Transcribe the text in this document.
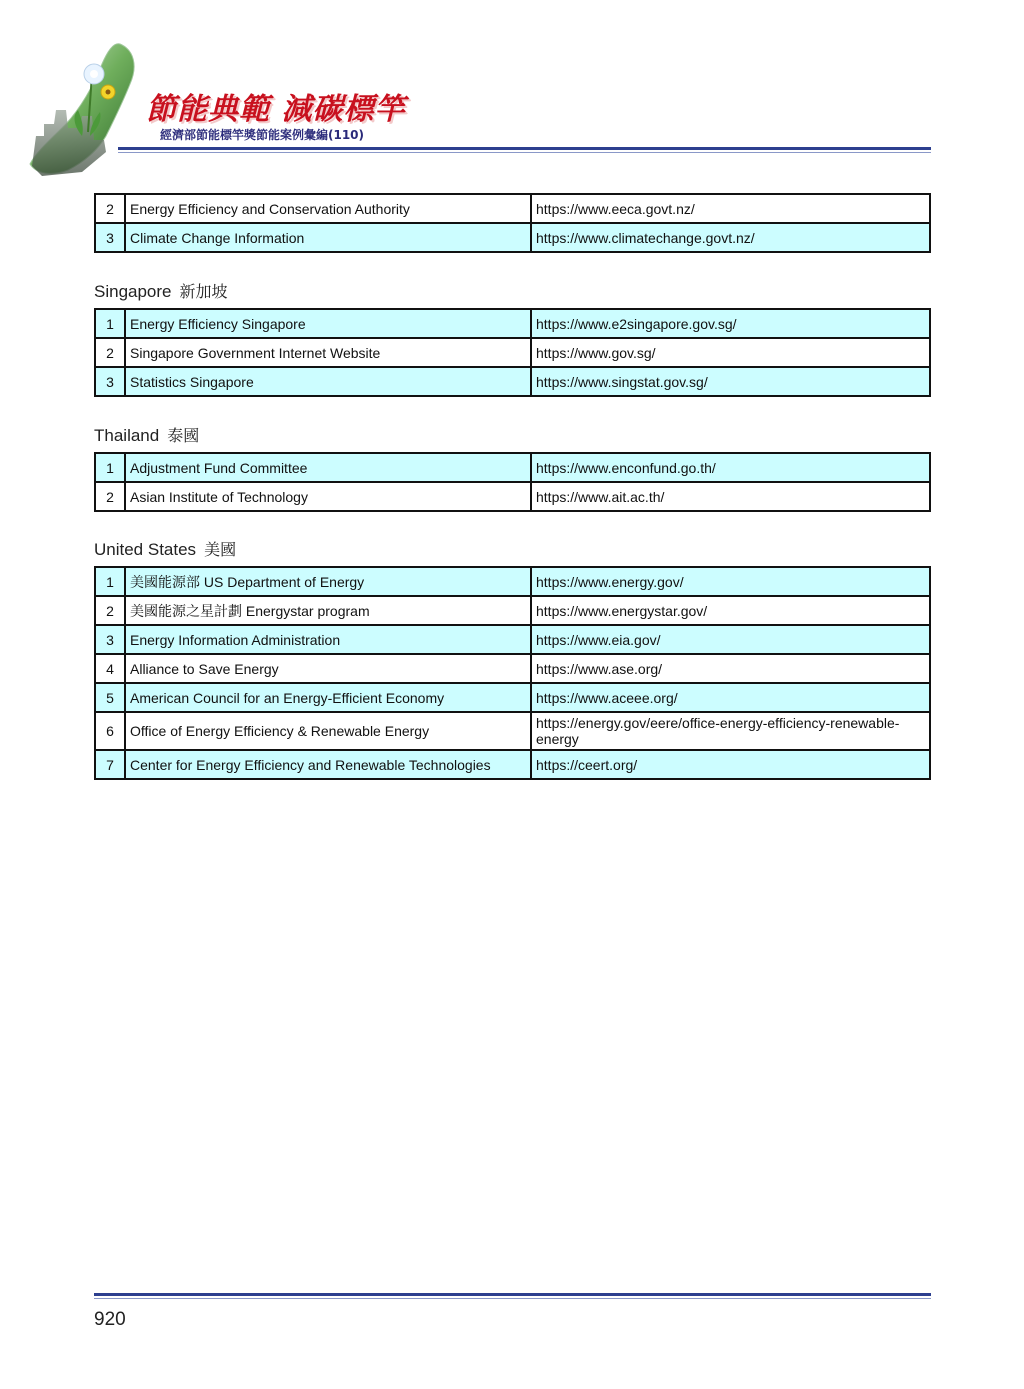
節能典範 減碳標竿
經濟部節能標竿獎節能案例彙編(110)
2	Energy Efficiency and Conservation Authority	https://www.eeca.govt.nz/
3	Climate Change Information	https://www.climatechange.govt.nz/
Singapore 新加坡
1	Energy Efficiency Singapore	https://www.e2singapore.gov.sg/
2	Singapore Government Internet Website	https://www.gov.sg/
3	Statistics Singapore	https://www.singstat.gov.sg/
Thailand 泰國
1	Adjustment Fund Committee	https://www.enconfund.go.th/
2	Asian Institute of Technology	https://www.ait.ac.th/
United States 美國
1	美國能源部 US Department of Energy	https://www.energy.gov/
2	美國能源之星計劃 Energystar program	https://www.energystar.gov/
3	Energy Information Administration	https://www.eia.gov/
4	Alliance to Save Energy	https://www.ase.org/
5	American Council for an Energy-Efficient Economy	https://www.aceee.org/
6	Office of Energy Efficiency & Renewable Energy	https://energy.gov/eere/office-energy-efficiency-renewable-energy
7	Center for Energy Efficiency and Renewable Technologies	https://ceert.org/
920
